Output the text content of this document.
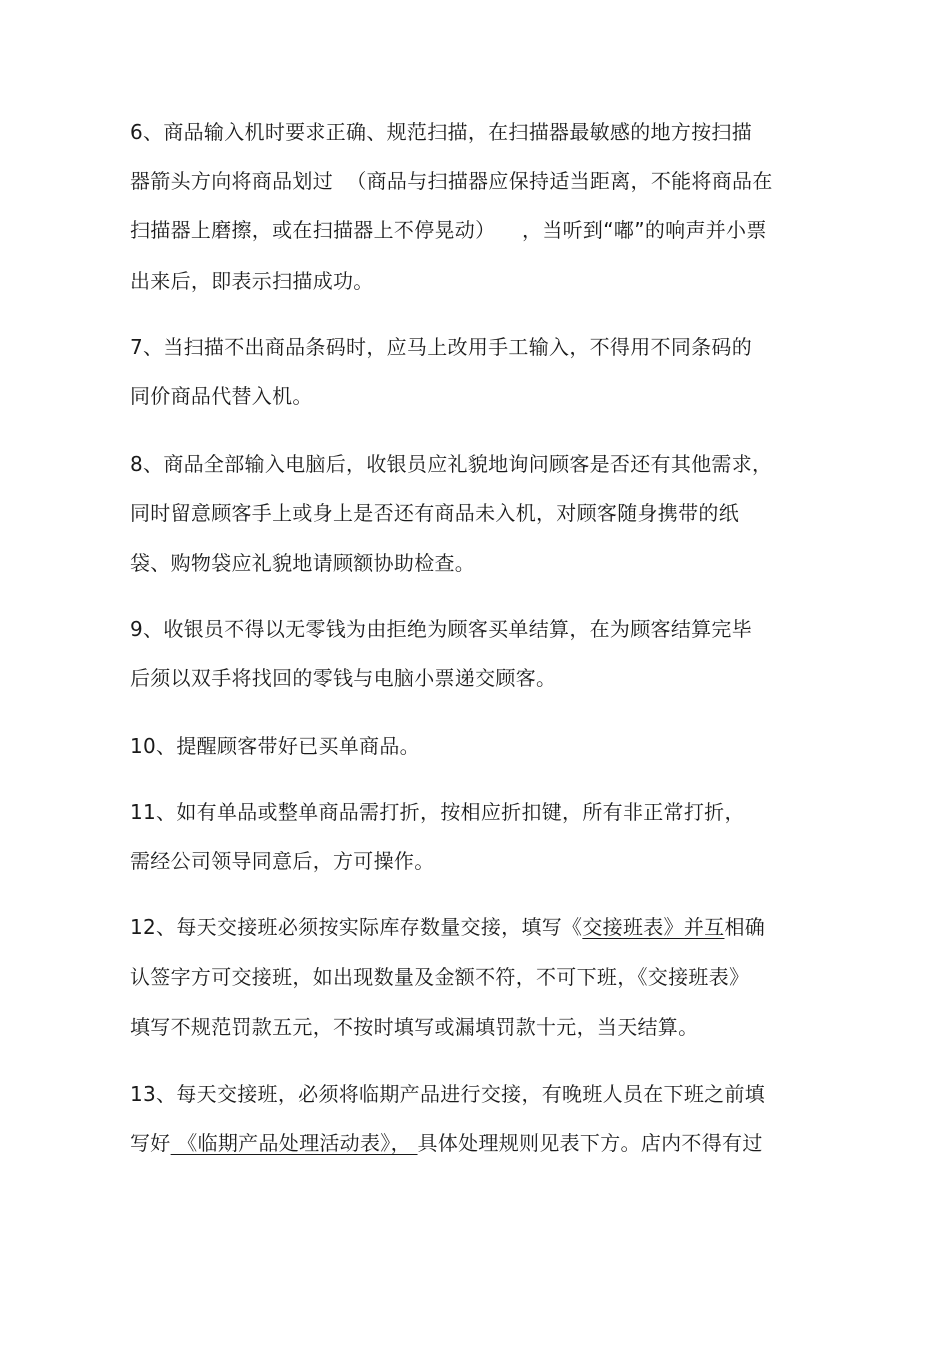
6、商品输入机时要求正确、规范扫描，在扫描器最敏感的地方按扫描
器箭头方向将商品划过  （商品与扫描器应保持适当距离，不能将商品在
扫描器上磨擦，或在扫描器上不停晃动）    ，当听到“嘟”的响声并小票
出来后，即表示扫描成功。
7、当扫描不出商品条码时，应马上改用手工输入，不得用不同条码的
同价商品代替入机。
8、商品全部输入电脑后，收银员应礼貌地询问顾客是否还有其他需求，
同时留意顾客手上或身上是否还有商品未入机，对顾客随身携带的纸
袋、购物袋应礼貌地请顾额协助检查。
9、收银员不得以无零钱为由拒绝为顾客买单结算，在为顾客结算完毕
后须以双手将找回的零钱与电脑小票递交顾客。
10、提醒顾客带好已买单商品。
11、如有单品或整单商品需打折，按相应折扣键，所有非正常打折，
需经公司领导同意后，方可操作。
12、每天交接班必须按实际库存数量交接，填写《交接班表》并互相确
认签字方可交接班，如出现数量及金额不符，不可下班，《交接班表》
填写不规范罚款五元，不按时填写或漏填罚款十元，当天结算。
13、每天交接班，必须将临期产品进行交接，有晚班人员在下班之前填
写好 《临期产品处理活动表》， 具体处理规则见表下方。店内不得有过
